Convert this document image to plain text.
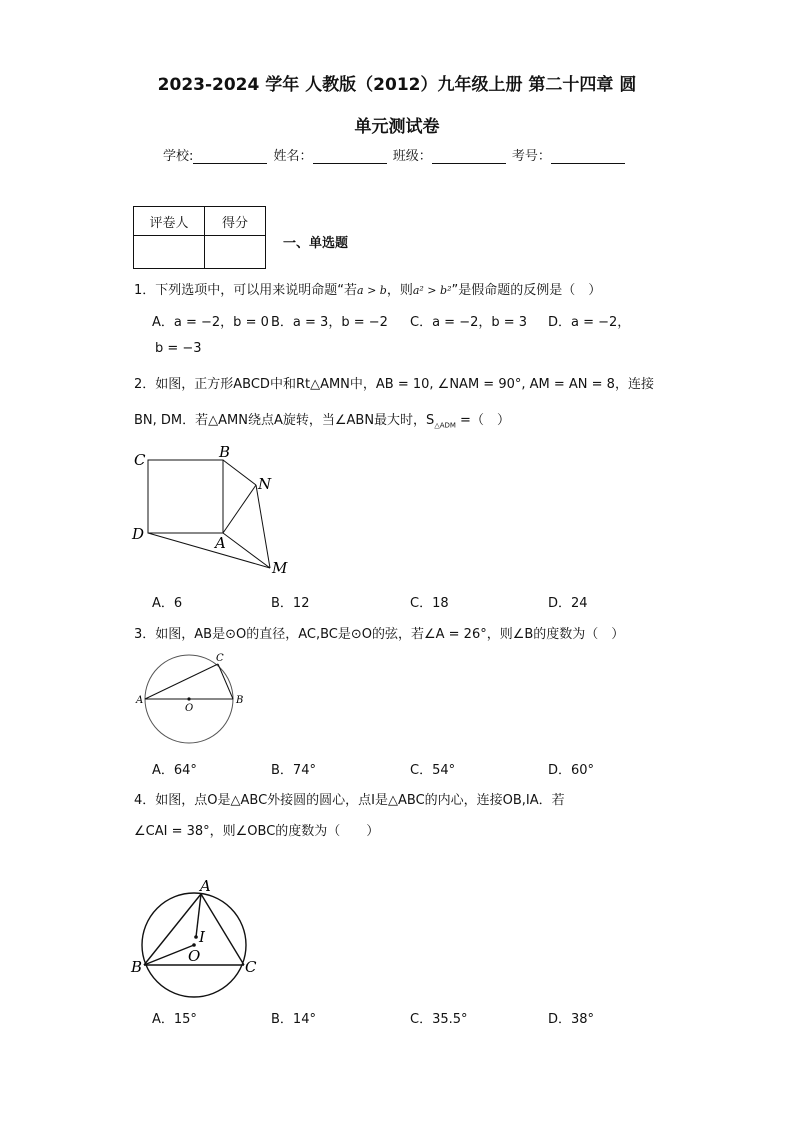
2023-2024 学年 人教版（2012）九年级上册 第二十四章 圆
单元测试卷
学校:	姓名：	班级：	考号：
评卷人	得分

一、单选题
1．下列选项中，可以用来说明命题“若a > b，则a² > b²”是假命题的反例是（　）
A．a = −2，b = 0 B．a = 3，b = −2 C．a = −2，b = 3 D．a = −2，
b = −3
2．如图，正方形ABCD中和Rt△AMN中，AB = 10, ∠NAM = 90°, AM = AN = 8，连接
BN, DM．若△AMN绕点A旋转，当∠ABN最大时，$S_{\triangle ADM}$ =（　）
C	B
N
D	A
M
A．6	B．12	C．18	D．24
3．如图，AB是⊙O的直径，AC,BC是⊙O的弦，若∠A = 26°，则∠B的度数为（　）
A
O
B
C
A．64°	B．74°	C．54°	D．60°
4．如图，点O是△ABC外接圆的圆心，点I是△ABC的内心，连接OB,IA．若
∠CAI = 38°，则∠OBC的度数为（　　）
A
I
O
B	C
A．15°	B．14°	C．35.5°	D．38°
